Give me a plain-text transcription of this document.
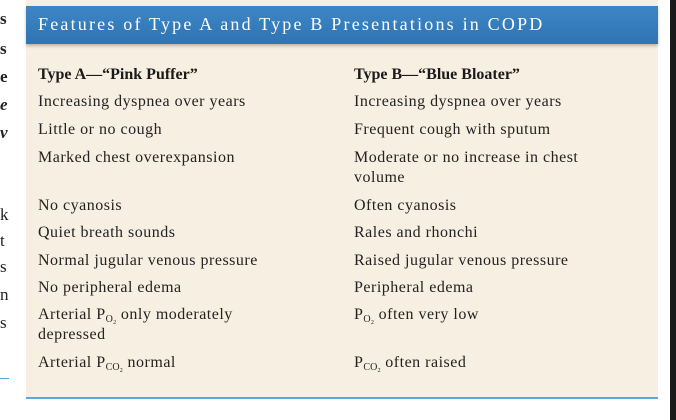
s
s
e
e
v
k
t
s
n
s
Features of Type A and Type B Presentations in COPD
Type A—“Pink Puffer”
Increasing dyspnea over years
Little or no cough
Marked chest overexpansion
No cyanosis
Quiet breath sounds
Normal jugular venous pressure
No peripheral edema
Arterial $P_{O_2}$ only moderately
depressed
Arterial $P_{CO_2}$ normal
Type B—“Blue Bloater”
Increasing dyspnea over years
Frequent cough with sputum
Moderate or no increase in chest
volume
Often cyanosis
Rales and rhonchi
Raised jugular venous pressure
Peripheral edema
$P_{O_2}$ often very low
$P_{CO_2}$ often raised
